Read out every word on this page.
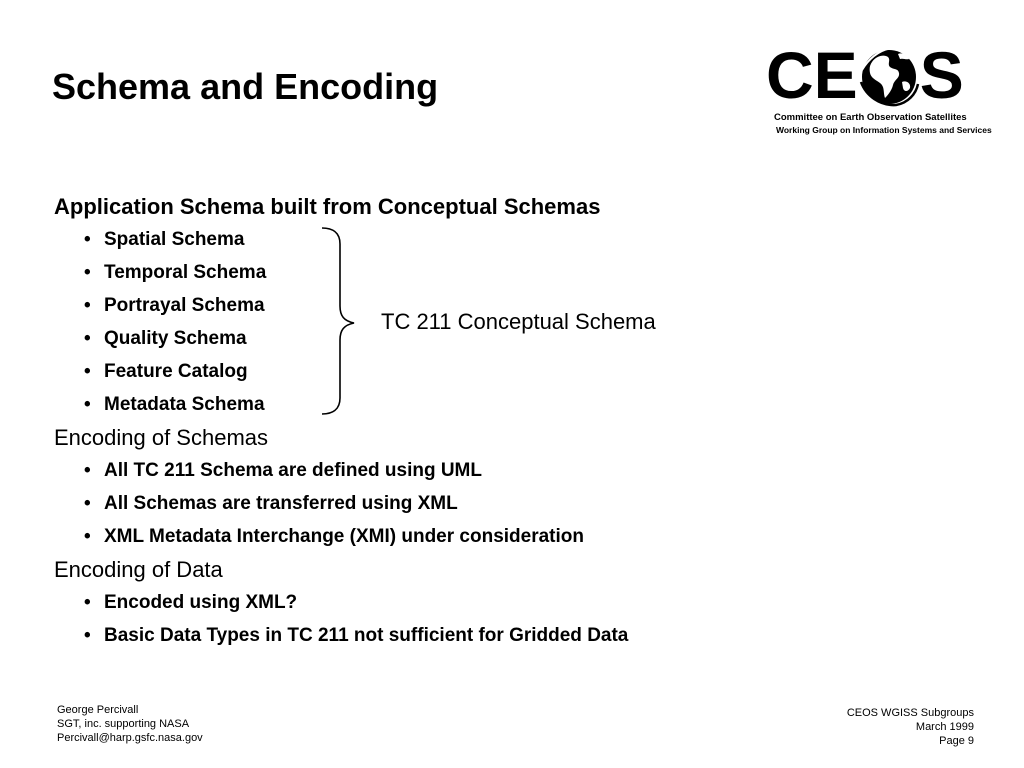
Schema and Encoding	CE S
Committee on Earth Observation Satellites
Working Group on Information Systems and Services
Application Schema built from Conceptual Schemas
• Spatial Schema
• Temporal Schema
• Portrayal Schema
• Quality Schema
• Feature Catalog
• Metadata Schema
Encoding of Schemas
• All TC 211 Schema are defined using UML
• All Schemas are transferred using XML
• XML Metadata Interchange (XMI) under consideration
Encoding of Data
• Encoded using XML?
• Basic Data Types in TC 211 not sufficient for Gridded Data
TC 211 Conceptual Schema
George Percivall
SGT, inc. supporting NASA
Percivall@harp.gsfc.nasa.gov
CEOS WGISS Subgroups
March 1999
Page 9
